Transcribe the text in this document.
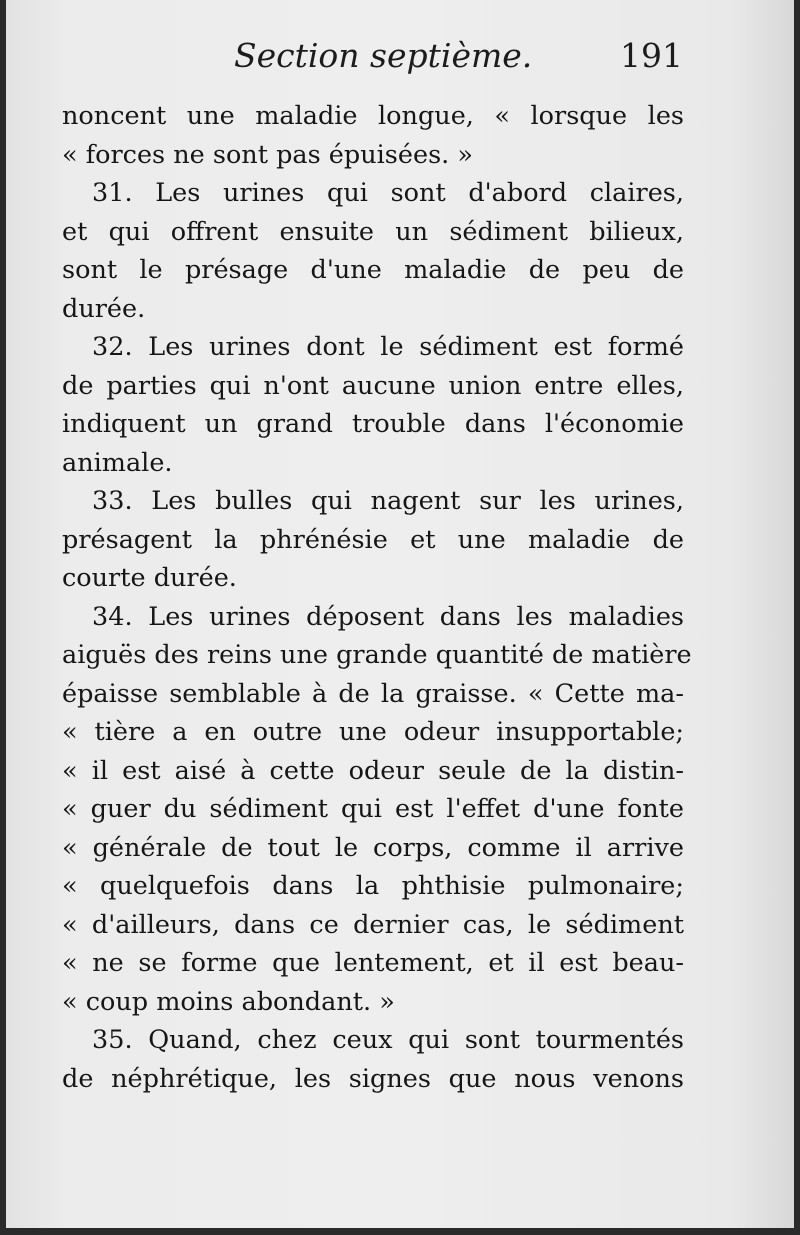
Section septième.	191
noncent une maladie longue, « lorsque les
« forces ne sont pas épuisées. »
31. Les urines qui sont d'abord claires,
et qui offrent ensuite un sédiment bilieux,
sont le présage d'une maladie de peu de
durée.
32. Les urines dont le sédiment est formé
de parties qui n'ont aucune union entre elles,
indiquent un grand trouble dans l'économie
animale.
33. Les bulles qui nagent sur les urines,
présagent la phrénésie et une maladie de
courte durée.
34. Les urines déposent dans les maladies
aiguës des reins une grande quantité de matière
épaisse semblable à de la graisse. « Cette ma-
« tière a en outre une odeur insupportable;
« il est aisé à cette odeur seule de la distin-
« guer du sédiment qui est l'effet d'une fonte
« générale de tout le corps, comme il arrive
« quelquefois dans la phthisie pulmonaire;
« d'ailleurs, dans ce dernier cas, le sédiment
« ne se forme que lentement, et il est beau-
« coup moins abondant. »
35. Quand, chez ceux qui sont tourmentés
de néphrétique, les signes que nous venons
